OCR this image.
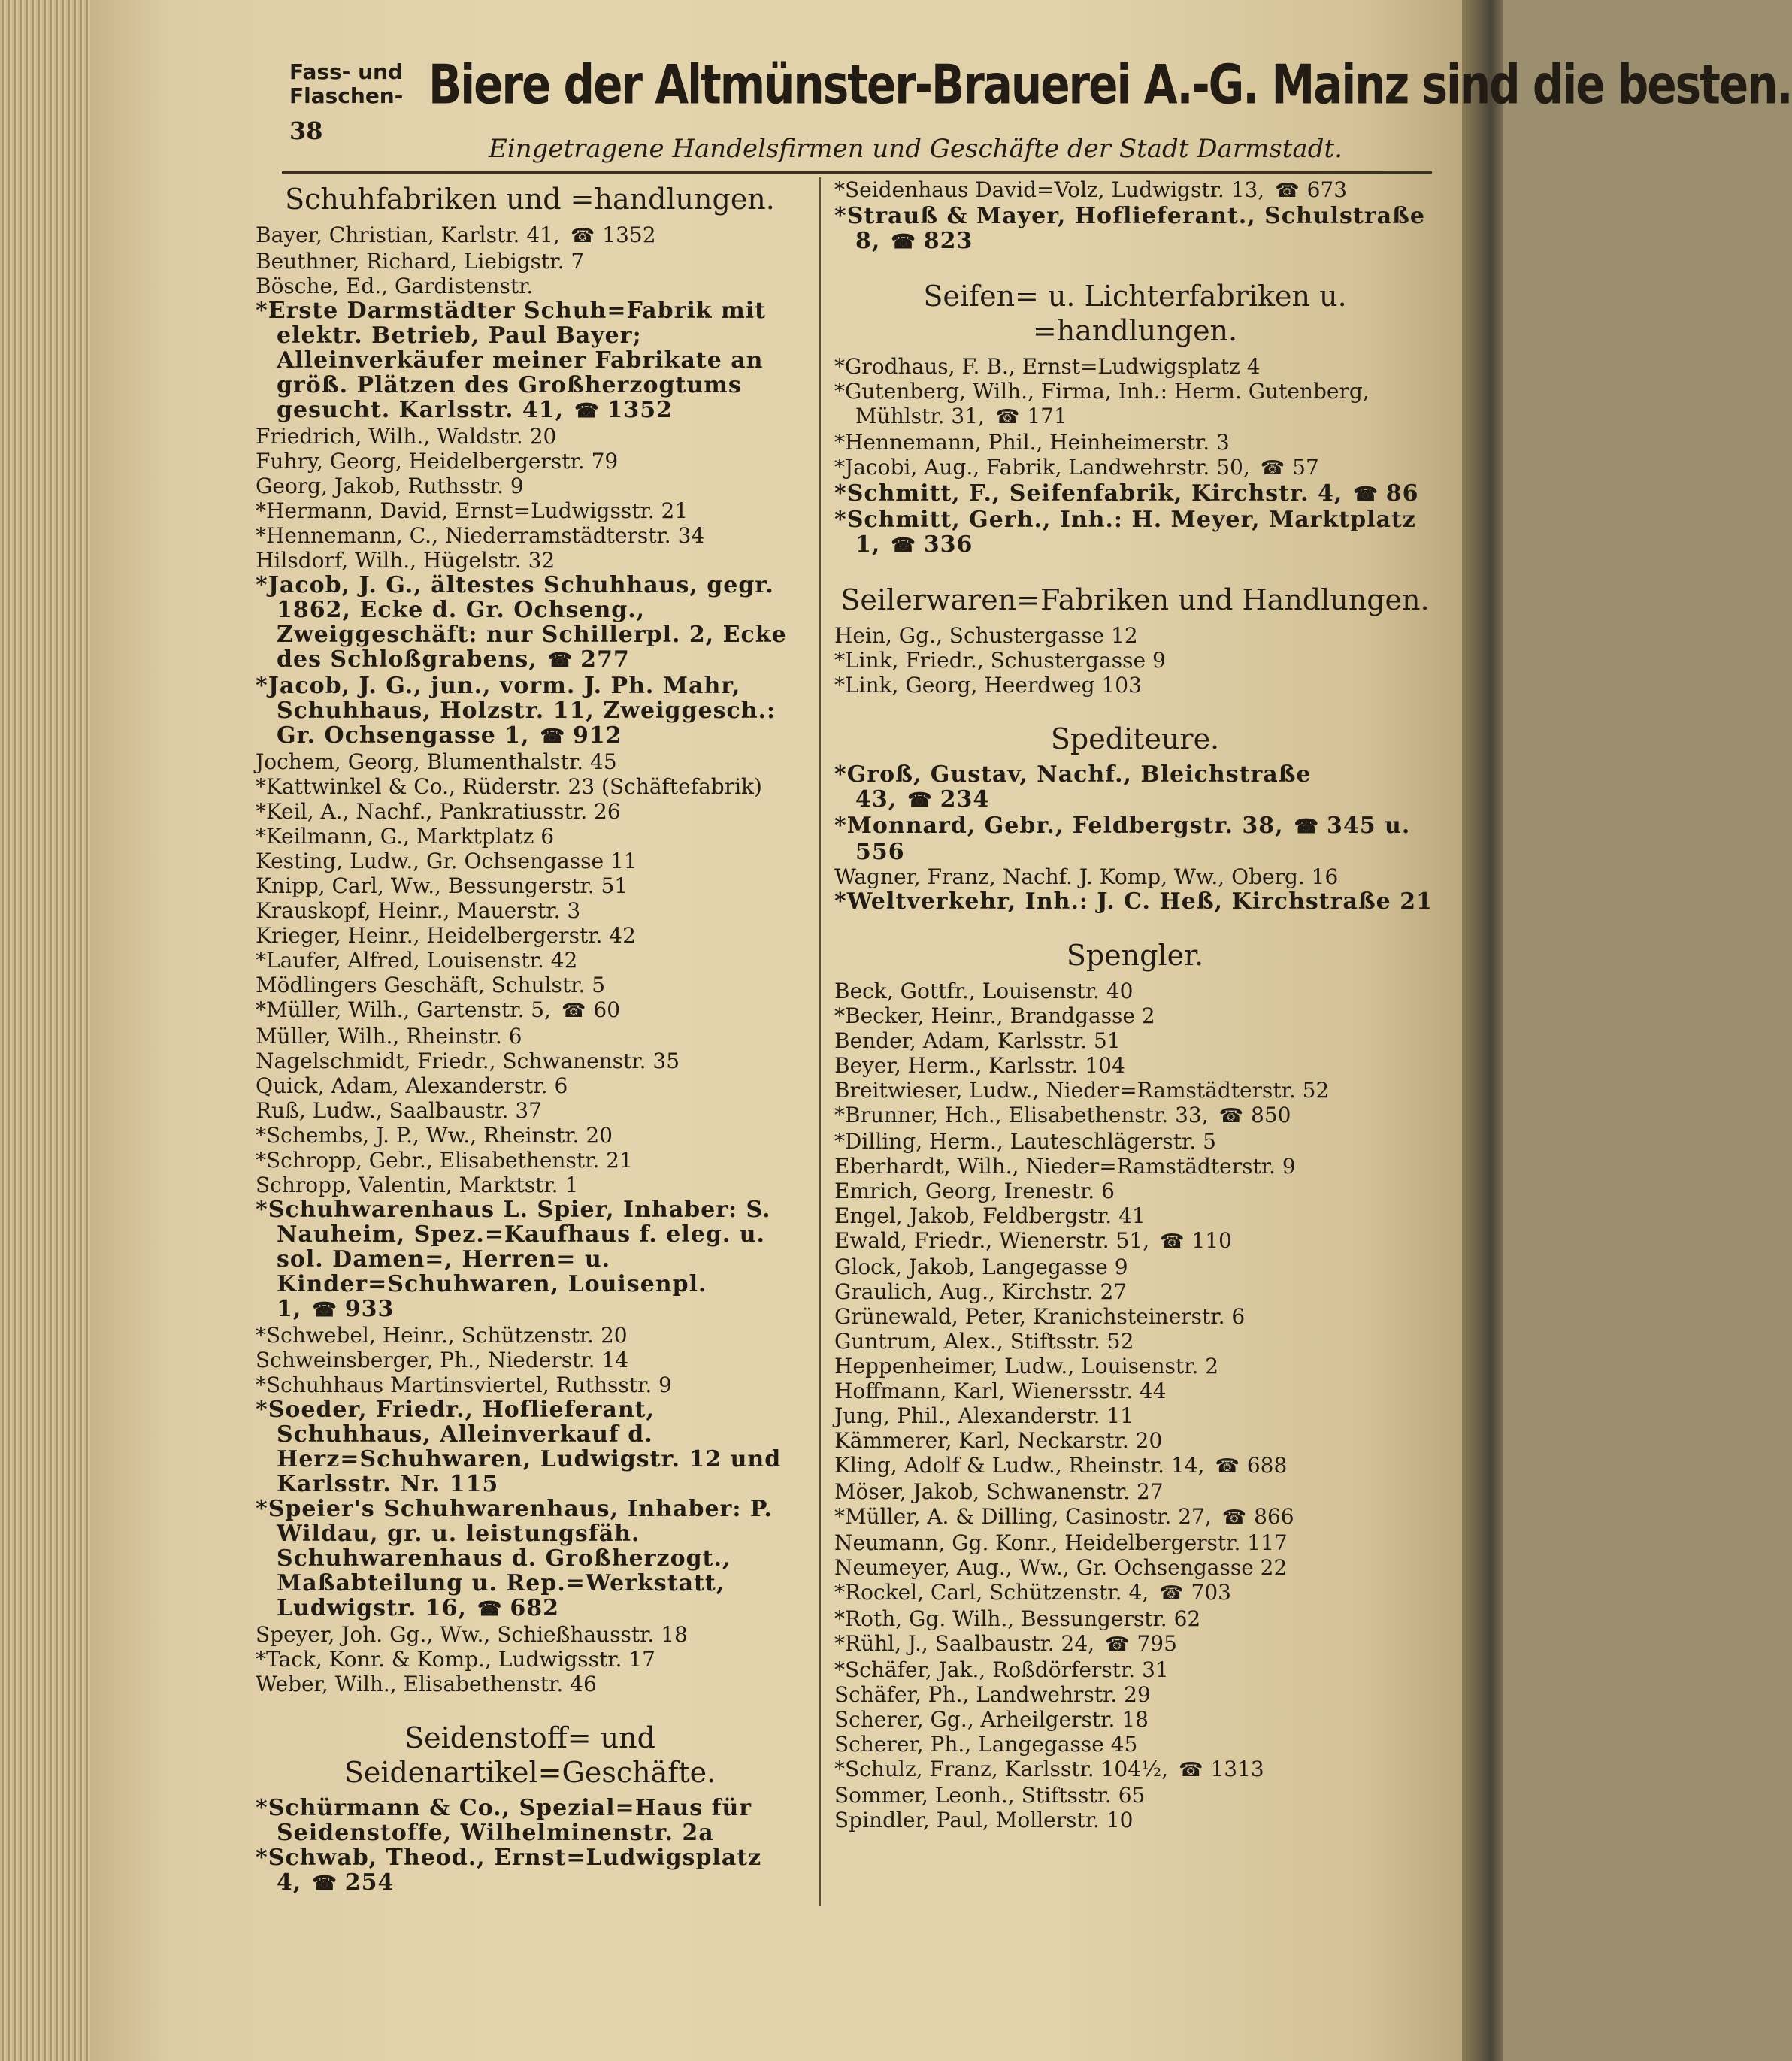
Fass- und Flaschen- Biere der Altmünster-Brauerei A.-G. Mainz sind die besten.
38
Eingetragene Handelsfirmen und Geschäfte der Stadt Darmstadt.
Schuhfabriken und =handlungen.
Bayer, Christian, Karlstr. 41, ☎ 1352
Beuthner, Richard, Liebigstr. 7
Bösche, Ed., Gardistenstr.
*Erste Darmstädter Schuh=Fabrik mit elektr. Betrieb, Paul Bayer; Alleinverkäufer meiner Fabrikate an größ. Plätzen des Großherzogtums gesucht. Karlsstr. 41, ☎ 1352
Friedrich, Wilh., Waldstr. 20
Fuhry, Georg, Heidelbergerstr. 79
Georg, Jakob, Ruthsstr. 9
*Hermann, David, Ernst=Ludwigsstr. 21
*Hennemann, C., Niederramstädterstr. 34
Hilsdorf, Wilh., Hügelstr. 32
*Jacob, J. G., ältestes Schuhhaus, gegr. 1862, Ecke d. Gr. Ochseng., Zweiggeschäft: nur Schillerpl. 2, Ecke des Schloßgrabens, ☎ 277
*Jacob, J. G., jun., vorm. J. Ph. Mahr, Schuhhaus, Holzstr. 11, Zweiggesch.: Gr. Ochsengasse 1, ☎ 912
Jochem, Georg, Blumenthalstr. 45
*Kattwinkel & Co., Rüderstr. 23 (Schäftefabrik)
*Keil, A., Nachf., Pankratiusstr. 26
*Keilmann, G., Marktplatz 6
Kesting, Ludw., Gr. Ochsengasse 11
Knipp, Carl, Ww., Bessungerstr. 51
Krauskopf, Heinr., Mauerstr. 3
Krieger, Heinr., Heidelbergerstr. 42
*Laufer, Alfred, Louisenstr. 42
Mödlingers Geschäft, Schulstr. 5
*Müller, Wilh., Gartenstr. 5, ☎ 60
Müller, Wilh., Rheinstr. 6
Nagelschmidt, Friedr., Schwanenstr. 35
Quick, Adam, Alexanderstr. 6
Ruß, Ludw., Saalbaustr. 37
*Schembs, J. P., Ww., Rheinstr. 20
*Schropp, Gebr., Elisabethenstr. 21
Schropp, Valentin, Marktstr. 1
*Schuhwarenhaus L. Spier, Inhaber: S. Nauheim, Spez.=Kaufhaus f. eleg. u. sol. Damen=, Herren= u. Kinder=Schuhwaren, Louisenpl. 1, ☎ 933
*Schwebel, Heinr., Schützenstr. 20
Schweinsberger, Ph., Niederstr. 14
*Schuhhaus Martinsviertel, Ruthsstr. 9
*Soeder, Friedr., Hoflieferant, Schuhhaus, Alleinverkauf d. Herz=Schuhwaren, Ludwigstr. 12 und Karlsstr. Nr. 115
*Speier's Schuhwarenhaus, Inhaber: P. Wildau, gr. u. leistungsfäh. Schuhwarenhaus d. Großherzogt., Maßabteilung u. Rep.=Werkstatt, Ludwigstr. 16, ☎ 682
Speyer, Joh. Gg., Ww., Schießhausstr. 18
*Tack, Konr. & Komp., Ludwigsstr. 17
Weber, Wilh., Elisabethenstr. 46
Seidenstoff= und Seidenartikel=Geschäfte.
*Schürmann & Co., Spezial=Haus für Seidenstoffe, Wilhelminenstr. 2a
*Schwab, Theod., Ernst=Ludwigsplatz 4, ☎ 254
*Seidenhaus David=Volz, Ludwigstr. 13, ☎ 673
*Strauß & Mayer, Hoflieferant., Schulstraße 8, ☎ 823
Seifen= u. Lichterfabriken u. =handlungen.
*Grodhaus, F. B., Ernst=Ludwigsplatz 4
*Gutenberg, Wilh., Firma, Inh.: Herm. Gutenberg, Mühlstr. 31, ☎ 171
*Hennemann, Phil., Heinheimerstr. 3
*Jacobi, Aug., Fabrik, Landwehrstr. 50, ☎ 57
*Schmitt, F., Seifenfabrik, Kirchstr. 4, ☎ 86
*Schmitt, Gerh., Inh.: H. Meyer, Marktplatz 1, ☎ 336
Seilerwaren=Fabriken und Handlungen.
Hein, Gg., Schustergasse 12
*Link, Friedr., Schustergasse 9
*Link, Georg, Heerdweg 103
Spediteure.
*Groß, Gustav, Nachf., Bleichstraße 43, ☎ 234
*Monnard, Gebr., Feldbergstr. 38, ☎ 345 u. 556
Wagner, Franz, Nachf. J. Komp, Ww., Oberg. 16
*Weltverkehr, Inh.: J. C. Heß, Kirchstraße 21
Spengler.
Beck, Gottfr., Louisenstr. 40
*Becker, Heinr., Brandgasse 2
Bender, Adam, Karlsstr. 51
Beyer, Herm., Karlsstr. 104
Breitwieser, Ludw., Nieder=Ramstädterstr. 52
*Brunner, Hch., Elisabethenstr. 33, ☎ 850
*Dilling, Herm., Lauteschlägerstr. 5
Eberhardt, Wilh., Nieder=Ramstädterstr. 9
Emrich, Georg, Irenestr. 6
Engel, Jakob, Feldbergstr. 41
Ewald, Friedr., Wienerstr. 51, ☎ 110
Glock, Jakob, Langegasse 9
Graulich, Aug., Kirchstr. 27
Grünewald, Peter, Kranichsteinerstr. 6
Guntrum, Alex., Stiftsstr. 52
Heppenheimer, Ludw., Louisenstr. 2
Hoffmann, Karl, Wienersstr. 44
Jung, Phil., Alexanderstr. 11
Kämmerer, Karl, Neckarstr. 20
Kling, Adolf & Ludw., Rheinstr. 14, ☎ 688
Möser, Jakob, Schwanenstr. 27
*Müller, A. & Dilling, Casinostr. 27, ☎ 866
Neumann, Gg. Konr., Heidelbergerstr. 117
Neumeyer, Aug., Ww., Gr. Ochsengasse 22
*Rockel, Carl, Schützenstr. 4, ☎ 703
*Roth, Gg. Wilh., Bessungerstr. 62
*Rühl, J., Saalbaustr. 24, ☎ 795
*Schäfer, Jak., Roßdörferstr. 31
Schäfer, Ph., Landwehrstr. 29
Scherer, Gg., Arheilgerstr. 18
Scherer, Ph., Langegasse 45
*Schulz, Franz, Karlsstr. 104½, ☎ 1313
Sommer, Leonh., Stiftsstr. 65
Spindler, Paul, Mollerstr. 10
